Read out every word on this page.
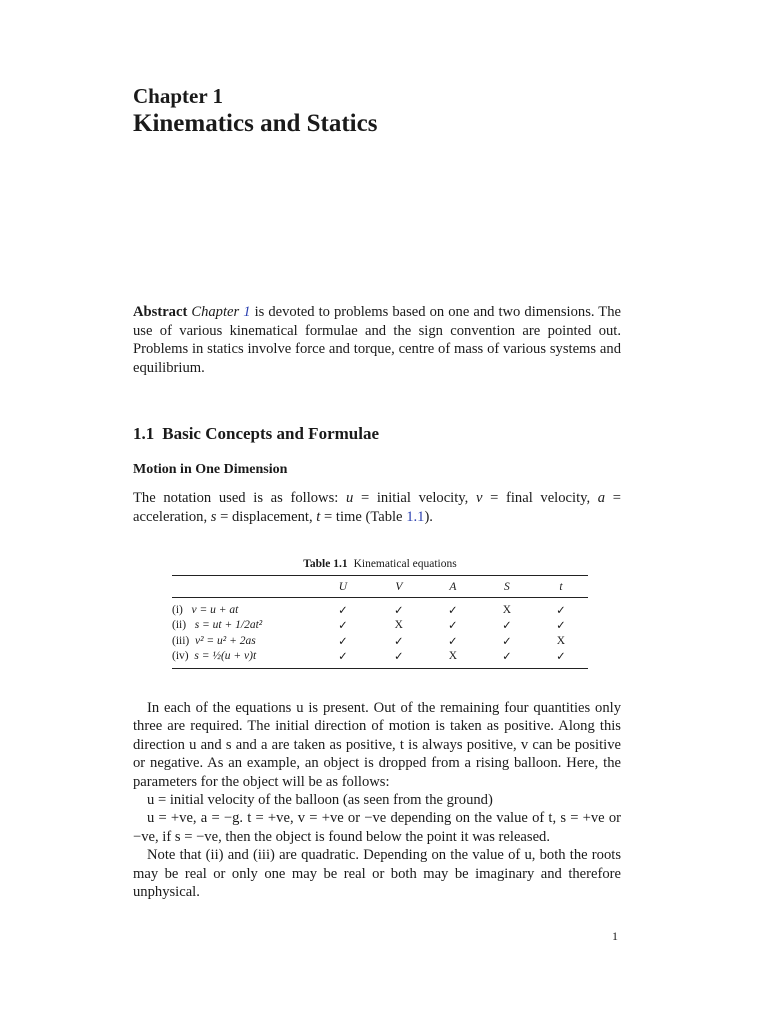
Chapter 1
Kinematics and Statics
Abstract Chapter 1 is devoted to problems based on one and two dimensions. The use of various kinematical formulae and the sign convention are pointed out. Problems in statics involve force and torque, centre of mass of various systems and equilibrium.
1.1 Basic Concepts and Formulae
Motion in One Dimension
The notation used is as follows: u = initial velocity, v = final velocity, a = acceleration, s = displacement, t = time (Table 1.1).
Table 1.1 Kinematical equations
	U	V	A	S	t
(i) v = u + at	✓	✓	✓	X	✓
(ii) s = ut + 1/2at²	✓	X	✓	✓	✓
(iii) v² = u² + 2as	✓	✓	✓	✓	X
(iv) s = ½(u + v)t	✓	✓	X	✓	✓

In each of the equations u is present. Out of the remaining four quantities only three are required. The initial direction of motion is taken as positive. Along this direction u and s and a are taken as positive, t is always positive, v can be positive or negative. As an example, an object is dropped from a rising balloon. Here, the parameters for the object will be as follows:

u = initial velocity of the balloon (as seen from the ground)

u = +ve, a = −g. t = +ve, v = +ve or −ve depending on the value of t, s = +ve or −ve, if s = −ve, then the object is found below the point it was released.

Note that (ii) and (iii) are quadratic. Depending on the value of u, both the roots may be real or only one may be real or both may be imaginary and therefore unphysical.

1
